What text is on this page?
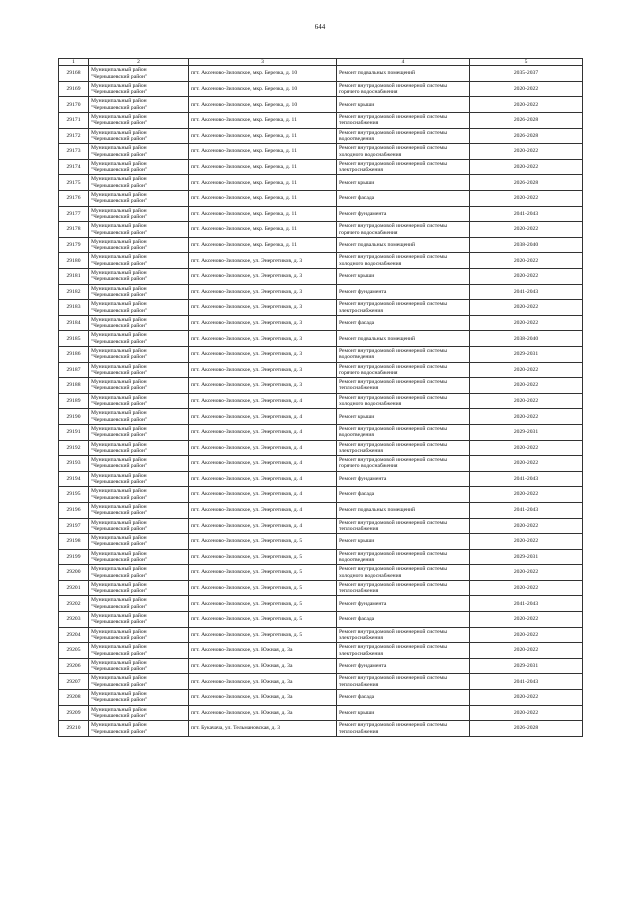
644
1	2	3	4	5
29168	Муниципальный район "Чернышевский район"	пгт. Аксеново-Зиловское, мкр. Березка, д. 10	Ремонт подвальных помещений	2035-2037
29169	Муниципальный район "Чернышевский район"	пгт. Аксеново-Зиловское, мкр. Березка, д. 10	Ремонт внутридомовой инженерной системы горячего водоснабжения	2020-2022
29170	Муниципальный район "Чернышевский район"	пгт. Аксеново-Зиловское, мкр. Березка, д. 10	Ремонт крыши	2020-2022
29171	Муниципальный район "Чернышевский район"	пгт. Аксеново-Зиловское, мкр. Березка, д. 11	Ремонт внутридомовой инженерной системы теплоснабжения	2026-2028
29172	Муниципальный район "Чернышевский район"	пгт. Аксеново-Зиловское, мкр. Березка, д. 11	Ремонт внутридомовой инженерной системы водоотведения	2026-2028
29173	Муниципальный район "Чернышевский район"	пгт. Аксеново-Зиловское, мкр. Березка, д. 11	Ремонт внутридомовой инженерной системы холодного водоснабжения	2020-2022
29174	Муниципальный район "Чернышевский район"	пгт. Аксеново-Зиловское, мкр. Березка, д. 11	Ремонт внутридомовой инженерной системы электроснабжения	2020-2022
29175	Муниципальный район "Чернышевский район"	пгт. Аксеново-Зиловское, мкр. Березка, д. 11	Ремонт крыши	2026-2028
29176	Муниципальный район "Чернышевский район"	пгт. Аксеново-Зиловское, мкр. Березка, д. 11	Ремонт фасада	2020-2022
29177	Муниципальный район "Чернышевский район"	пгт. Аксеново-Зиловское, мкр. Березка, д. 11	Ремонт фундамента	2041-2043
29178	Муниципальный район "Чернышевский район"	пгт. Аксеново-Зиловское, мкр. Березка, д. 11	Ремонт внутридомовой инженерной системы горячего водоснабжения	2020-2022
29179	Муниципальный район "Чернышевский район"	пгт. Аксеново-Зиловское, мкр. Березка, д. 11	Ремонт подвальных помещений	2038-2040
29180	Муниципальный район "Чернышевский район"	пгт. Аксеново-Зиловское, ул. Энергетиков, д. 3	Ремонт внутридомовой инженерной системы холодного водоснабжения	2020-2022
29181	Муниципальный район "Чернышевский район"	пгт. Аксеново-Зиловское, ул. Энергетиков, д. 3	Ремонт крыши	2020-2022
29182	Муниципальный район "Чернышевский район"	пгт. Аксеново-Зиловское, ул. Энергетиков, д. 3	Ремонт фундамента	2041-2043
29183	Муниципальный район "Чернышевский район"	пгт. Аксеново-Зиловское, ул. Энергетиков, д. 3	Ремонт внутридомовой инженерной системы электроснабжения	2020-2022
29184	Муниципальный район "Чернышевский район"	пгт. Аксеново-Зиловское, ул. Энергетиков, д. 3	Ремонт фасада	2020-2022
29185	Муниципальный район "Чернышевский район"	пгт. Аксеново-Зиловское, ул. Энергетиков, д. 3	Ремонт подвальных помещений	2038-2040
29186	Муниципальный район "Чернышевский район"	пгт. Аксеново-Зиловское, ул. Энергетиков, д. 3	Ремонт внутридомовой инженерной системы водоотведения	2029-2031
29187	Муниципальный район "Чернышевский район"	пгт. Аксеново-Зиловское, ул. Энергетиков, д. 3	Ремонт внутридомовой инженерной системы горячего водоснабжения	2020-2022
29188	Муниципальный район "Чернышевский район"	пгт. Аксеново-Зиловское, ул. Энергетиков, д. 3	Ремонт внутридомовой инженерной системы теплоснабжения	2020-2022
29189	Муниципальный район "Чернышевский район"	пгт. Аксеново-Зиловское, ул. Энергетиков, д. 4	Ремонт внутридомовой инженерной системы холодного водоснабжения	2020-2022
29190	Муниципальный район "Чернышевский район"	пгт. Аксеново-Зиловское, ул. Энергетиков, д. 4	Ремонт крыши	2020-2022
29191	Муниципальный район "Чернышевский район"	пгт. Аксеново-Зиловское, ул. Энергетиков, д. 4	Ремонт внутридомовой инженерной системы водоотведения	2029-2031
29192	Муниципальный район "Чернышевский район"	пгт. Аксеново-Зиловское, ул. Энергетиков, д. 4	Ремонт внутридомовой инженерной системы электроснабжения	2020-2022
29193	Муниципальный район "Чернышевский район"	пгт. Аксеново-Зиловское, ул. Энергетиков, д. 4	Ремонт внутридомовой инженерной системы горячего водоснабжения	2020-2022
29194	Муниципальный район "Чернышевский район"	пгт. Аксеново-Зиловское, ул. Энергетиков, д. 4	Ремонт фундамента	2041-2043
29195	Муниципальный район "Чернышевский район"	пгт. Аксеново-Зиловское, ул. Энергетиков, д. 4	Ремонт фасада	2020-2022
29196	Муниципальный район "Чернышевский район"	пгт. Аксеново-Зиловское, ул. Энергетиков, д. 4	Ремонт подвальных помещений	2041-2043
29197	Муниципальный район "Чернышевский район"	пгт. Аксеново-Зиловское, ул. Энергетиков, д. 4	Ремонт внутридомовой инженерной системы теплоснабжения	2020-2022
29198	Муниципальный район "Чернышевский район"	пгт. Аксеново-Зиловское, ул. Энергетиков, д. 5	Ремонт крыши	2020-2022
29199	Муниципальный район "Чернышевский район"	пгт. Аксеново-Зиловское, ул. Энергетиков, д. 5	Ремонт внутридомовой инженерной системы водоотведения	2029-2031
29200	Муниципальный район "Чернышевский район"	пгт. Аксеново-Зиловское, ул. Энергетиков, д. 5	Ремонт внутридомовой инженерной системы холодного водоснабжения	2020-2022
29201	Муниципальный район "Чернышевский район"	пгт. Аксеново-Зиловское, ул. Энергетиков, д. 5	Ремонт внутридомовой инженерной системы теплоснабжения	2020-2022
29202	Муниципальный район "Чернышевский район"	пгт. Аксеново-Зиловское, ул. Энергетиков, д. 5	Ремонт фундамента	2041-2043
29203	Муниципальный район "Чернышевский район"	пгт. Аксеново-Зиловское, ул. Энергетиков, д. 5	Ремонт фасада	2020-2022
29204	Муниципальный район "Чернышевский район"	пгт. Аксеново-Зиловское, ул. Энергетиков, д. 5	Ремонт внутридомовой инженерной системы электроснабжения	2020-2022
29205	Муниципальный район "Чернышевский район"	пгт. Аксеново-Зиловское, ул. Южная, д. 3а	Ремонт внутридомовой инженерной системы электроснабжения	2020-2022
29206	Муниципальный район "Чернышевский район"	пгт. Аксеново-Зиловское, ул. Южная, д. 3а	Ремонт фундамента	2029-2031
29207	Муниципальный район "Чернышевский район"	пгт. Аксеново-Зиловское, ул. Южная, д. 3а	Ремонт внутридомовой инженерной системы теплоснабжения	2041-2043
29208	Муниципальный район "Чернышевский район"	пгт. Аксеново-Зиловское, ул. Южная, д. 3а	Ремонт фасада	2020-2022
29209	Муниципальный район "Чернышевский район"	пгт. Аксеново-Зиловское, ул. Южная, д. 3а	Ремонт крыши	2020-2022
29210	Муниципальный район "Чернышевский район"	пгт. Букачача, ул. Тельмановская, д. 3	Ремонт внутридомовой инженерной системы теплоснабжения	2026-2028
